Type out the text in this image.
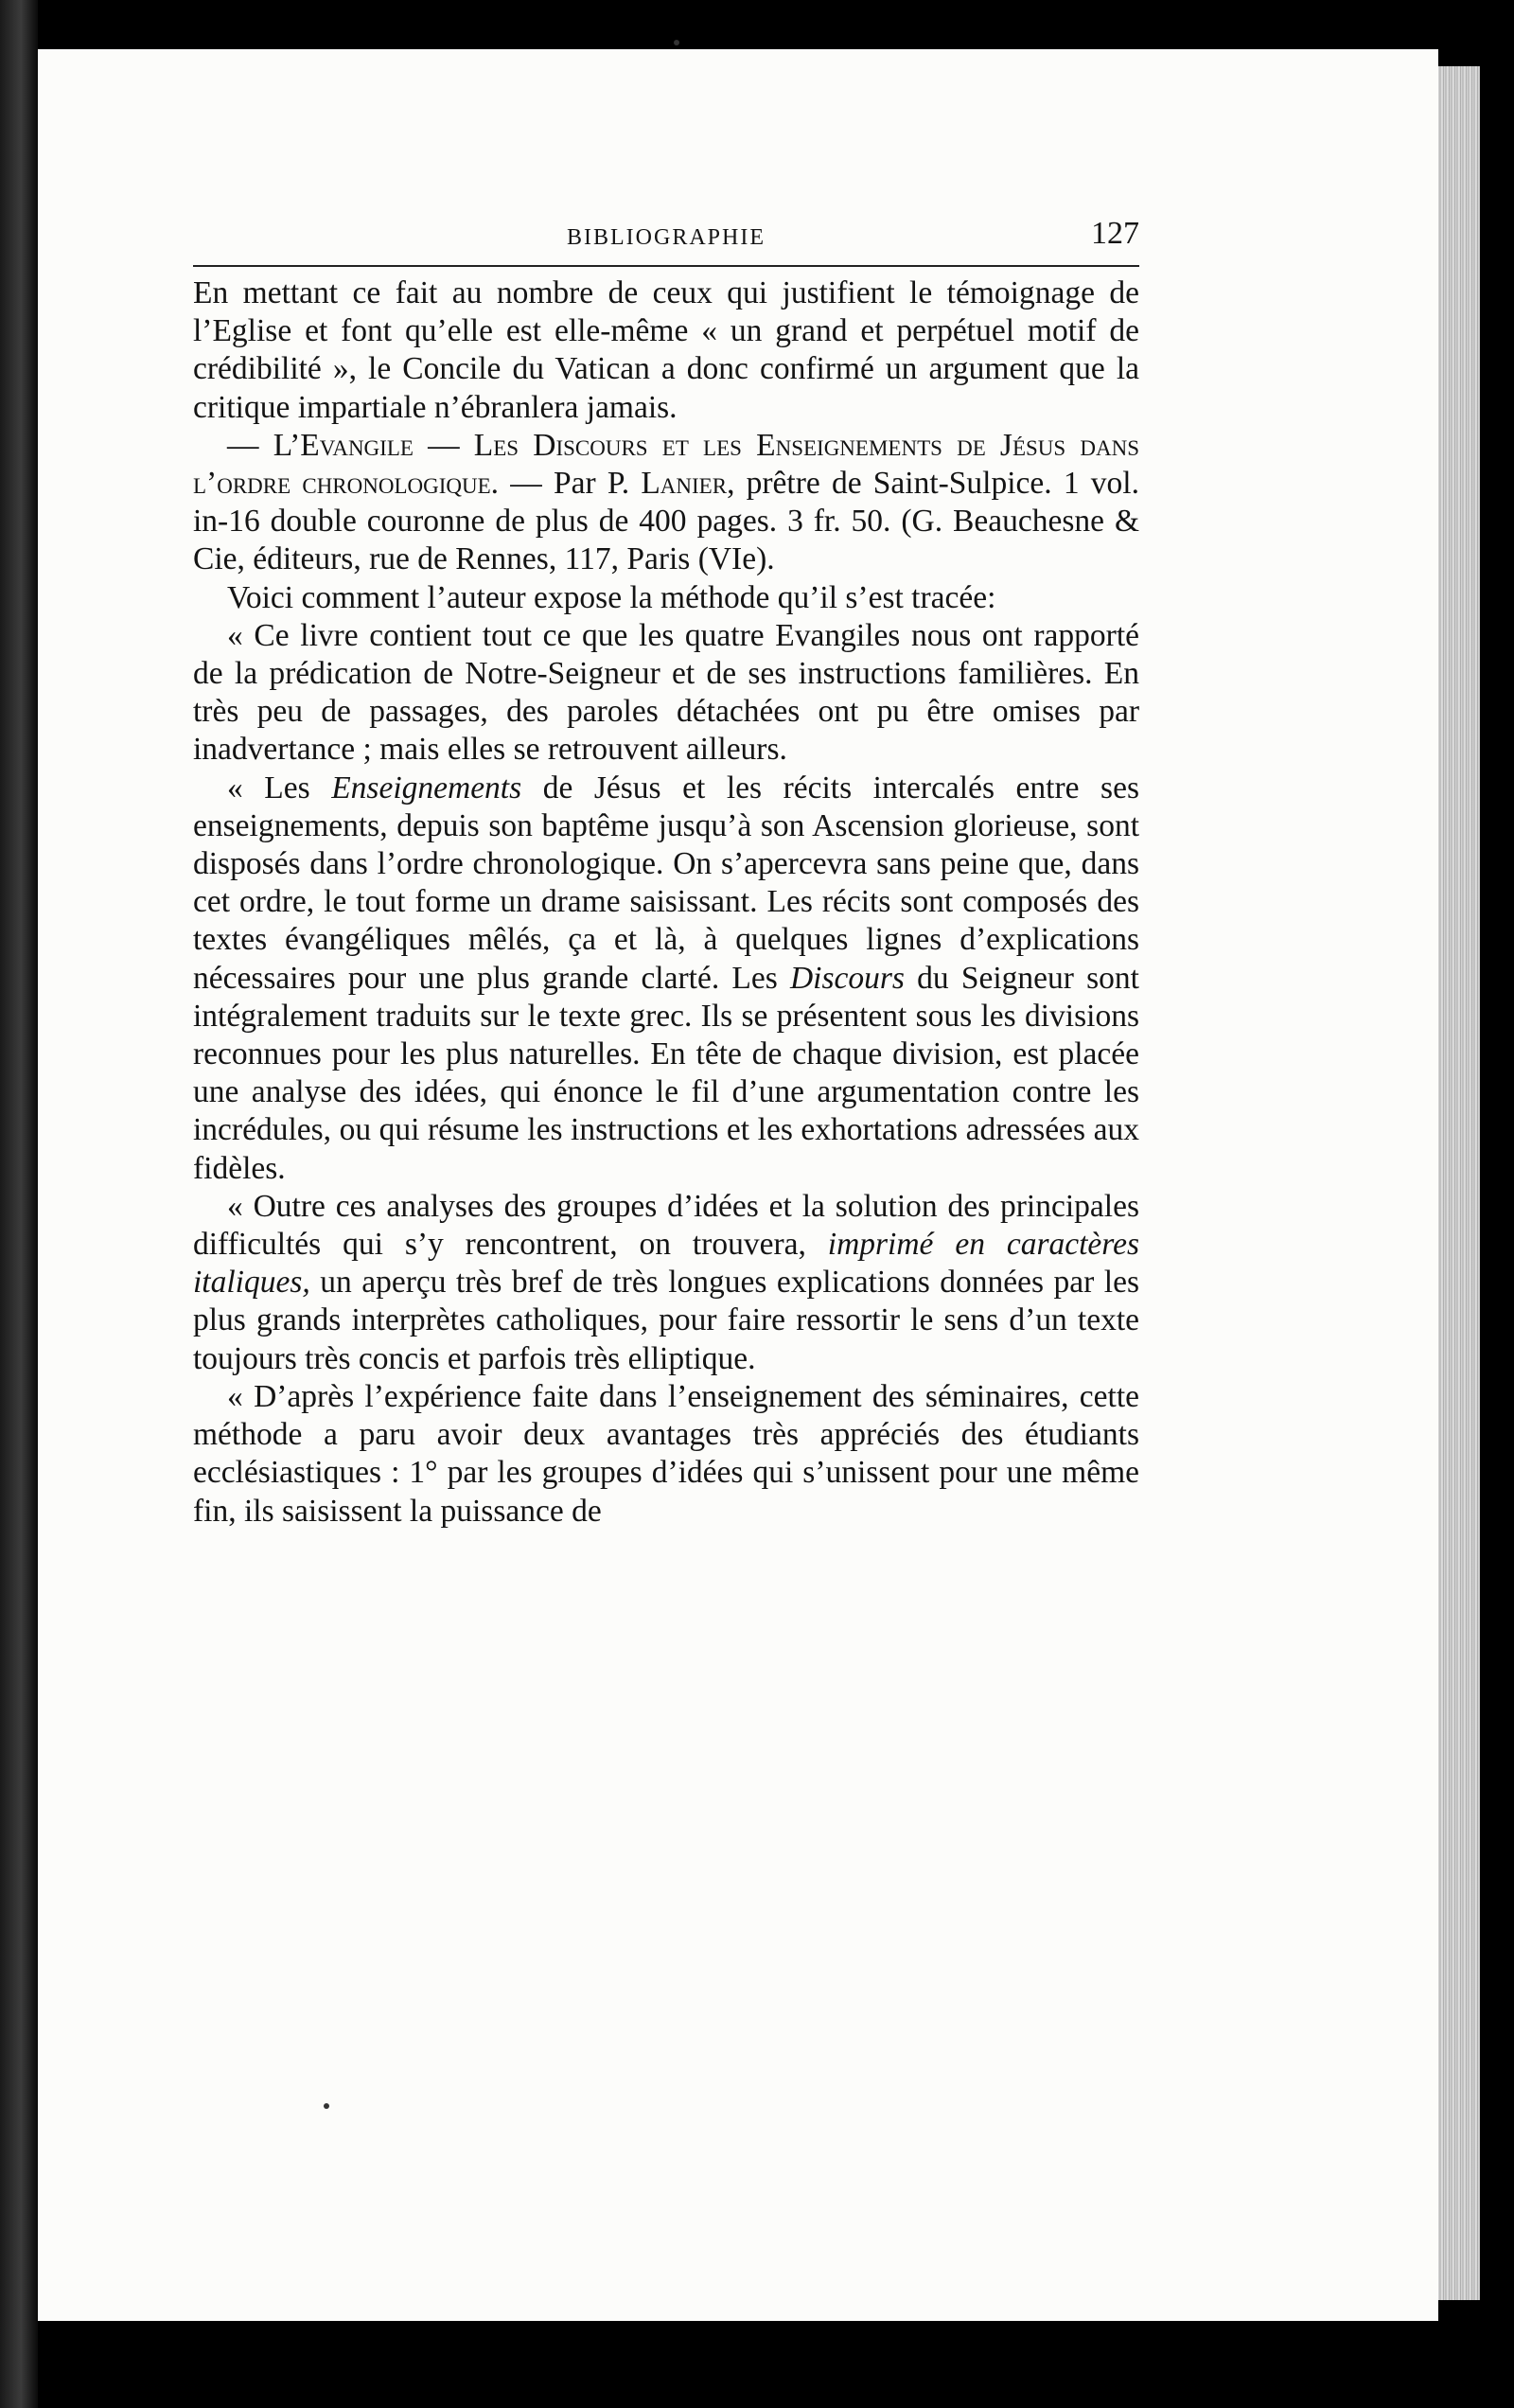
BIBLIOGRAPHIE	127

En mettant ce fait au nombre de ceux qui justifient le témoignage de l’Eglise et font qu’elle est elle-même « un grand et perpétuel motif de crédibilité », le Concile du Vatican a donc confirmé un argument que la critique impartiale n’ébranlera jamais.

— L’Evangile — Les Discours et les Enseignements de Jésus dans l’ordre chronologique. — Par P. Lanier, prêtre de Saint-Sulpice. 1 vol. in-16 double couronne de plus de 400 pages. 3 fr. 50. (G. Beauchesne & Cie, éditeurs, rue de Rennes, 117, Paris (VIe).

Voici comment l’auteur expose la méthode qu’il s’est tracée:

« Ce livre contient tout ce que les quatre Evangiles nous ont rapporté de la prédication de Notre-Seigneur et de ses instructions familières. En très peu de passages, des paroles détachées ont pu être omises par inadvertance ; mais elles se retrouvent ailleurs.

« Les Enseignements de Jésus et les récits intercalés entre ses enseignements, depuis son baptême jusqu’à son Ascension glorieuse, sont disposés dans l’ordre chronologique. On s’apercevra sans peine que, dans cet ordre, le tout forme un drame saisissant. Les récits sont composés des textes évangéliques mêlés, ça et là, à quelques lignes d’explications nécessaires pour une plus grande clarté. Les Discours du Seigneur sont intégralement traduits sur le texte grec. Ils se présentent sous les divisions reconnues pour les plus naturelles. En tête de chaque division, est placée une analyse des idées, qui énonce le fil d’une argumentation contre les incrédules, ou qui résume les instructions et les exhortations adressées aux fidèles.

« Outre ces analyses des groupes d’idées et la solution des principales difficultés qui s’y rencontrent, on trouvera, imprimé en caractères italiques, un aperçu très bref de très longues explications données par les plus grands interprètes catholiques, pour faire ressortir le sens d’un texte toujours très concis et parfois très elliptique.

« D’après l’expérience faite dans l’enseignement des séminaires, cette méthode a paru avoir deux avantages très appréciés des étudiants ecclésiastiques : 1° par les groupes d’idées qui s’unissent pour une même fin, ils saisissent la puissance de
